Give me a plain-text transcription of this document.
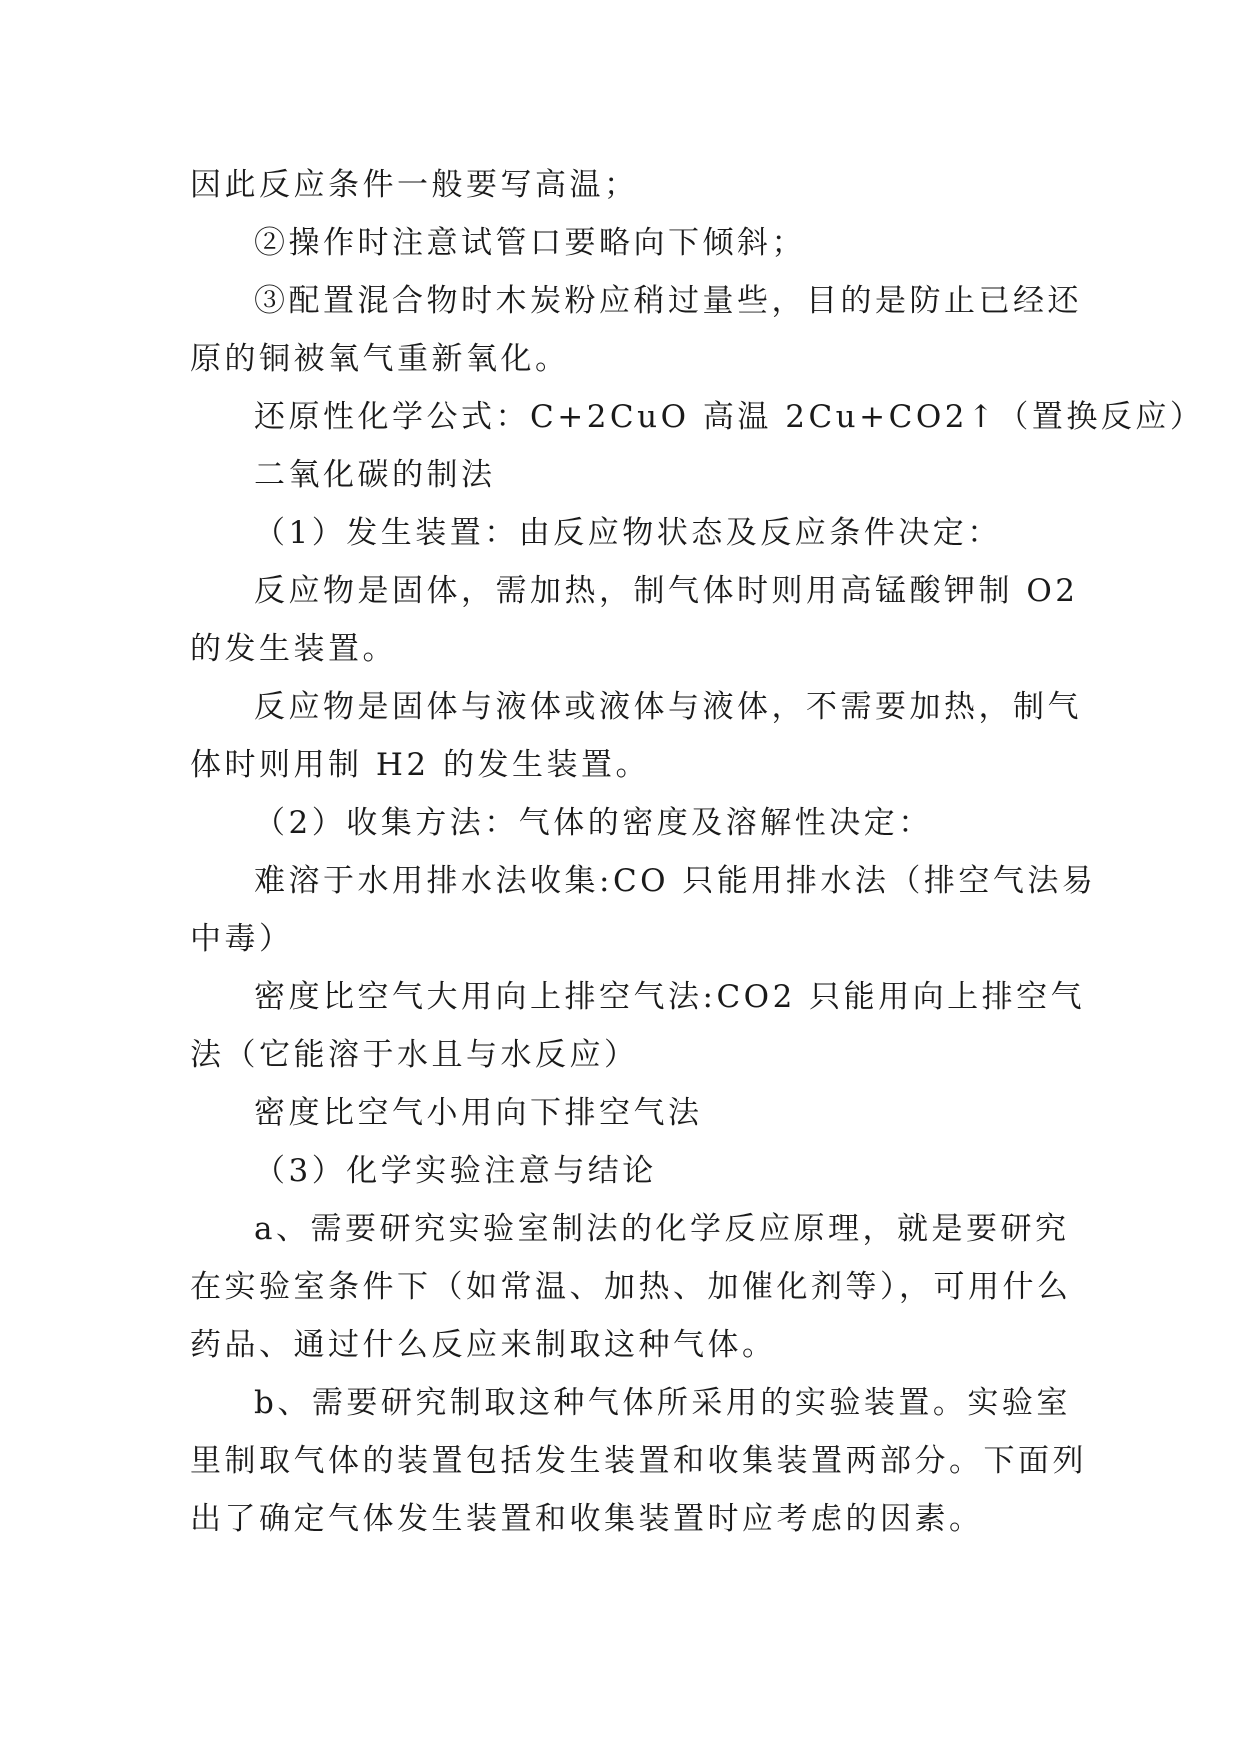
因此反应条件一般要写高温；

②操作时注意试管口要略向下倾斜；

③配置混合物时木炭粉应稍过量些，目的是防止已经还
原的铜被氧气重新氧化。

还原性化学公式：C+2CuO 高温 2Cu+CO2↑（置换反应）

二氧化碳的制法

（1）发生装置：由反应物状态及反应条件决定：

反应物是固体，需加热，制气体时则用高锰酸钾制 O2
的发生装置。

反应物是固体与液体或液体与液体，不需要加热，制气
体时则用制 H2 的发生装置。

（2）收集方法：气体的密度及溶解性决定：

难溶于水用排水法收集:CO 只能用排水法（排空气法易
中毒）

密度比空气大用向上排空气法:CO2 只能用向上排空气
法（它能溶于水且与水反应）

密度比空气小用向下排空气法

（3）化学实验注意与结论

a、需要研究实验室制法的化学反应原理，就是要研究
在实验室条件下（如常温、加热、加催化剂等），可用什么
药品、通过什么反应来制取这种气体。

b、需要研究制取这种气体所采用的实验装置。实验室
里制取气体的装置包括发生装置和收集装置两部分。下面列
出了确定气体发生装置和收集装置时应考虑的因素。
